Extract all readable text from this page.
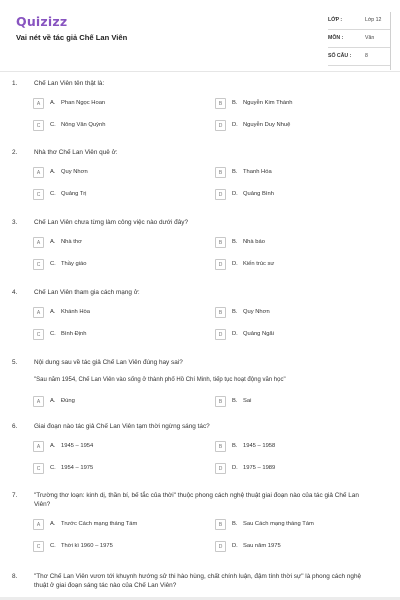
Quizizz
Vai nét về tác giả Chế Lan Viên
LỚP :	Lớp 12
MÔN :	Văn
SỐ CÂU :	8
1.	Chế Lan Viên tên thật là:
A	A. Phan Ngọc Hoan	B	B. Nguyễn Kim Thành
C	C. Nông Văn Quỳnh	D	D. Nguyễn Duy Nhuệ
2.	Nhà thơ Chế Lan Viên quê ở:
A	A. Quy Nhơn	B	B. Thanh Hóa
C	C. Quảng Trị	D	D. Quảng Bình
3.	Chế Lan Viên chưa từng làm công việc nào dưới đây?
A	A. Nhà thơ	B	B. Nhà báo
C	C. Thầy giáo	D	D. Kiến trúc sư
4.	Chế Lan Viên tham gia cách mạng ở:
A	A. Khánh Hòa	B	B. Quy Nhơn
C	C. Bình Định	D	D. Quảng Ngãi
5.	Nội dung sau về tác giả Chế Lan Viên đúng hay sai?
"Sau năm 1954, Chế Lan Viên vào sống ở thành phố Hồ Chí Minh, tiếp tục hoạt động văn học"
A	A. Đúng	B	B. Sai
6.	Giai đoạn nào tác giả Chế Lan Viên tạm thời ngừng sáng tác?
A	A. 1945 – 1954	B	B. 1945 – 1958
C	C. 1954 – 1975	D	D. 1975 – 1989
7.	"Trường thơ loạn: kinh dị, thần bí, bế tắc của thời" thuộc phong cách nghệ thuật giai đoạn nào của tác giả Chế Lan Viên?
A	A. Trước Cách mạng tháng Tám	B	B. Sau Cách mạng tháng Tám
C	C. Thời kì 1960 – 1975	D	D. Sau năm 1975
8.	"Thơ Chế Lan Viên vươn tới khuynh hướng sử thi hào hùng, chất chính luận, đậm tính thời sự" là phong cách nghệ thuật ở giai đoạn sáng tác nào của Chế Lan Viên?
